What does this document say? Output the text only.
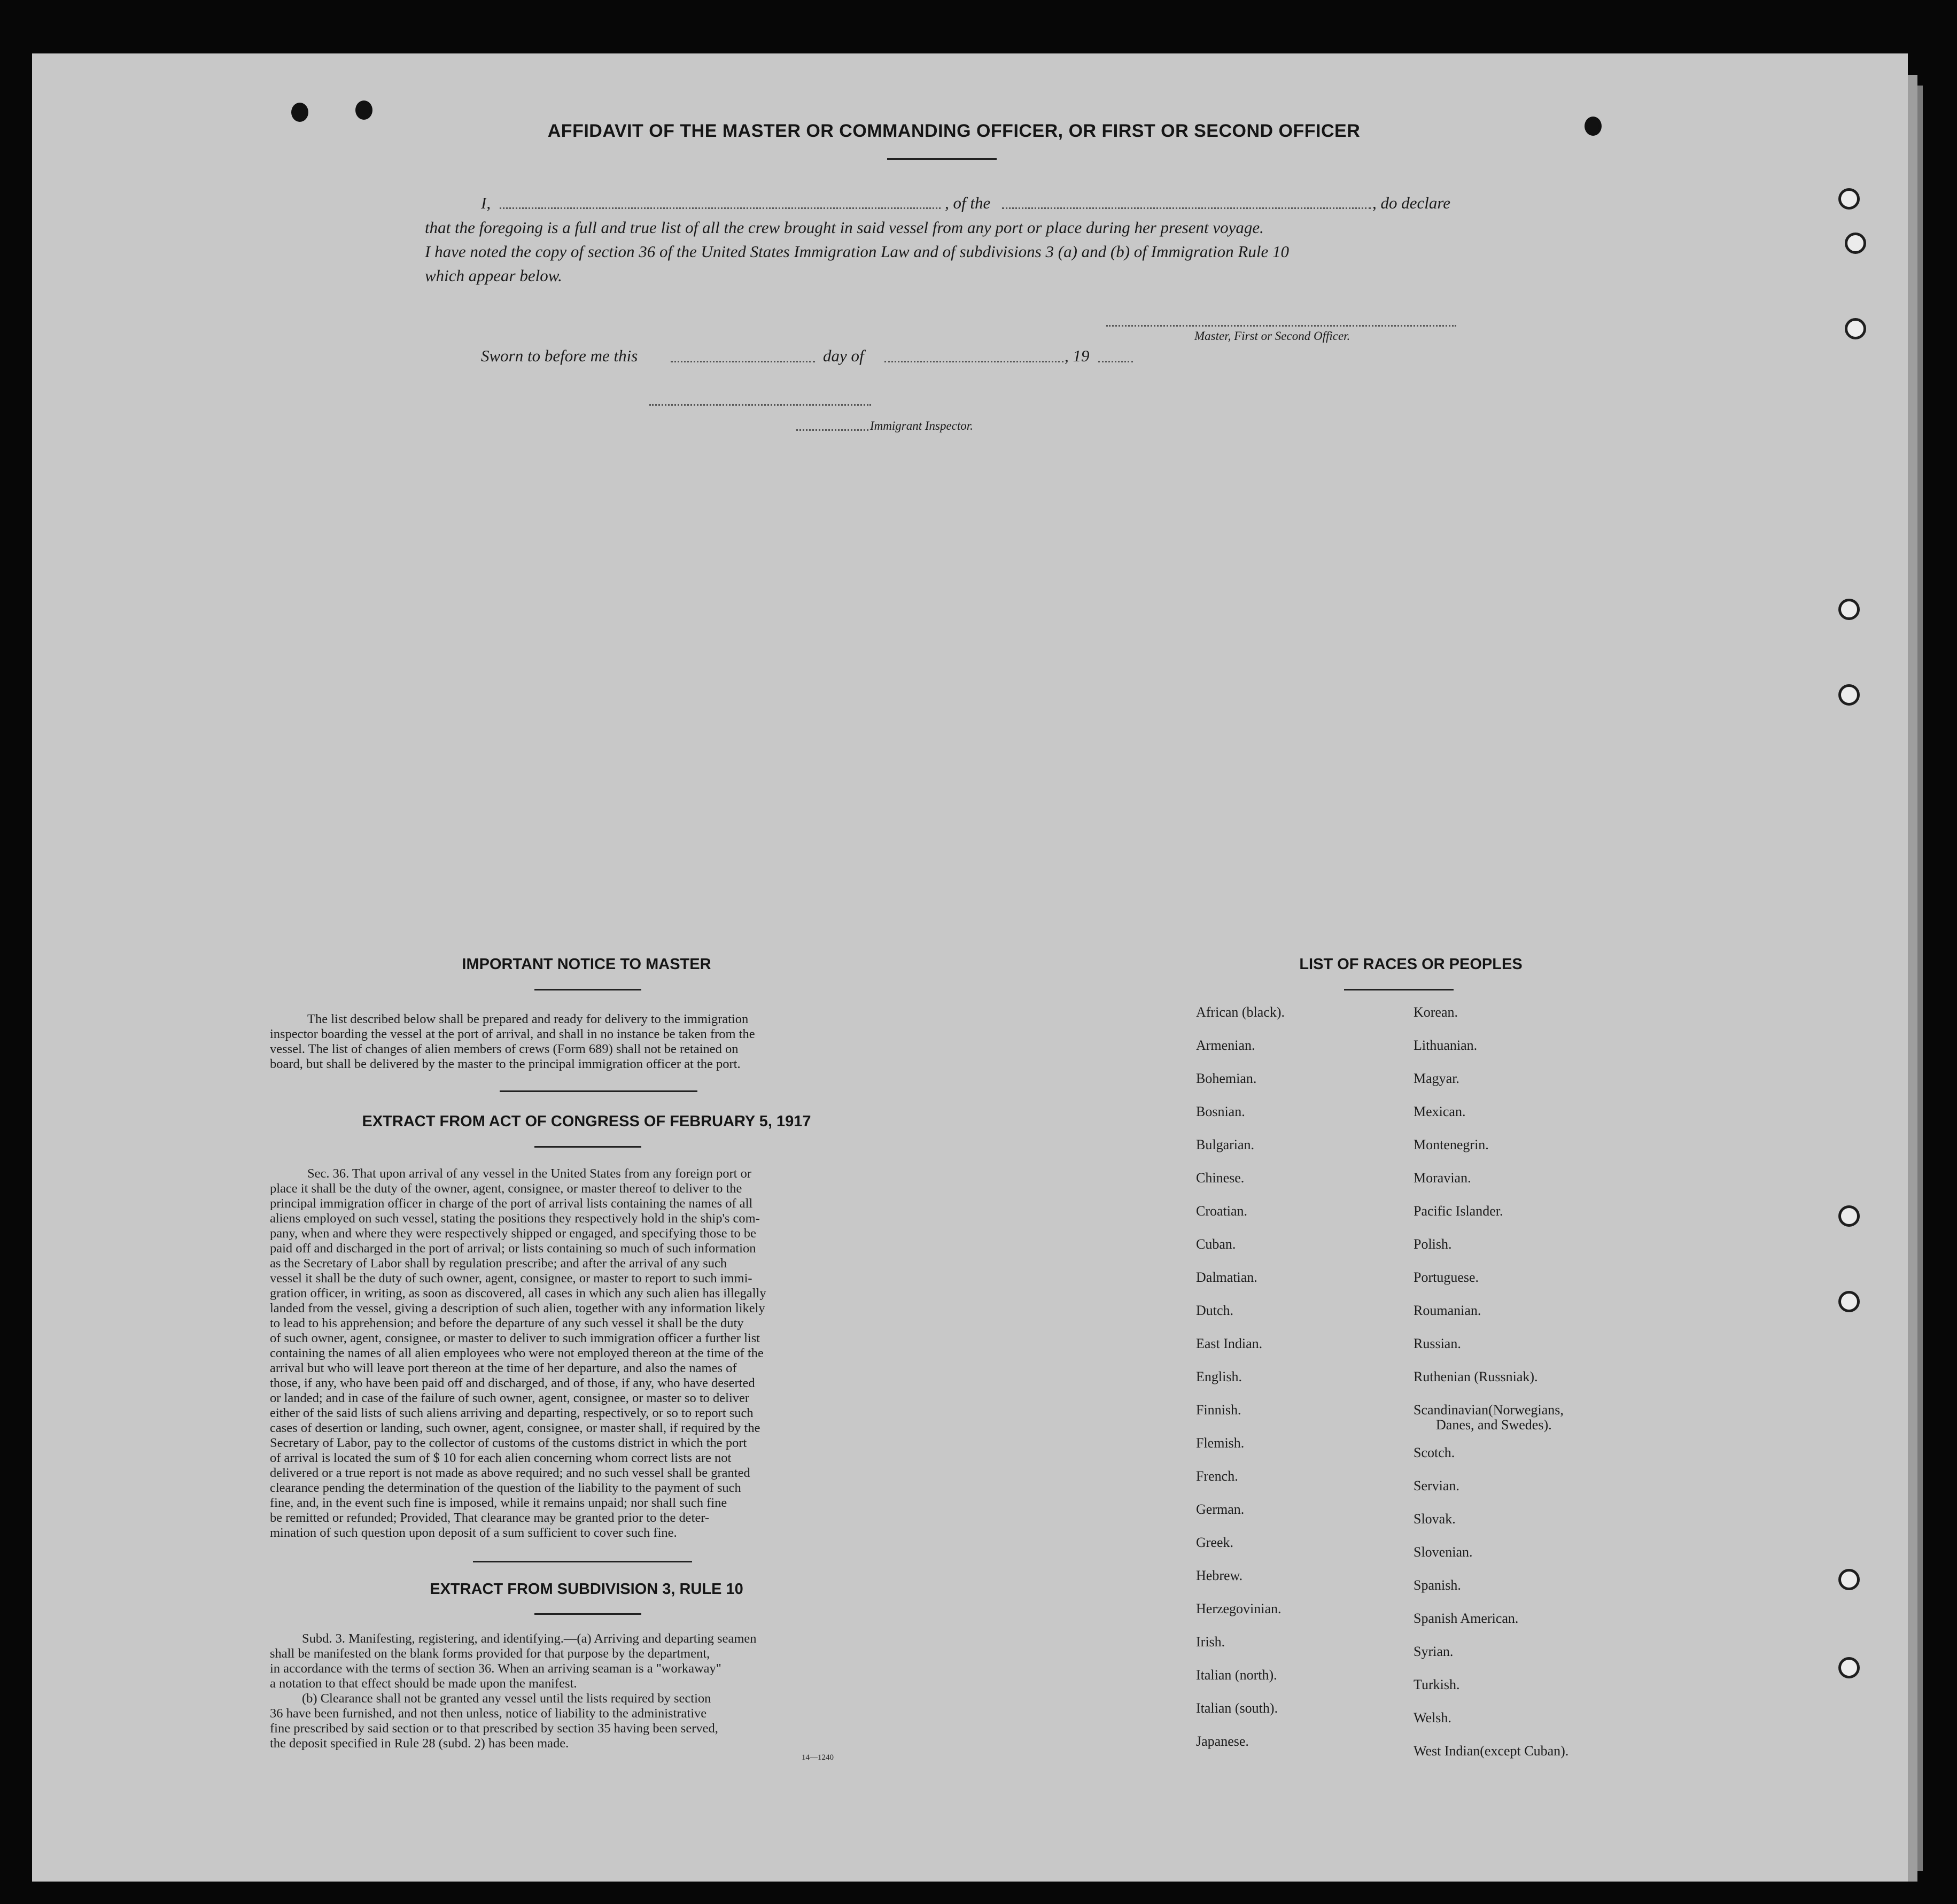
AFFIDAVIT OF THE MASTER OR COMMANDING OFFICER, OR FIRST OR SECOND OFFICER
I,	, of the	, do declare
that the foregoing is a full and true list of all the crew brought in said vessel from any port or place during her present voyage.
I have noted the copy of section 36 of the United States Immigration Law and of subdivisions 3 (a) and (b) of Immigration Rule 10
which appear below.
Master, First or Second Officer.
Sworn to before me this	day of	, 19
Immigrant Inspector.
IMPORTANT NOTICE TO MASTER

The list described below shall be prepared and ready for delivery to the immigration

inspector boarding the vessel at the port of arrival, and shall in no instance be taken from the

vessel. The list of changes of alien members of crews (Form 689) shall not be retained on

board, but shall be delivered by the master to the principal immigration officer at the port.

EXTRACT FROM ACT OF CONGRESS OF FEBRUARY 5, 1917

Sec. 36. That upon arrival of any vessel in the United States from any foreign port or

place it shall be the duty of the owner, agent, consignee, or master thereof to deliver to the

principal immigration officer in charge of the port of arrival lists containing the names of all

aliens employed on such vessel, stating the positions they respectively hold in the ship's com-

pany, when and where they were respectively shipped or engaged, and specifying those to be

paid off and discharged in the port of arrival; or lists containing so much of such information

as the Secretary of Labor shall by regulation prescribe; and after the arrival of any such

vessel it shall be the duty of such owner, agent, consignee, or master to report to such immi-

gration officer, in writing, as soon as discovered, all cases in which any such alien has illegally

landed from the vessel, giving a description of such alien, together with any information likely

to lead to his apprehension; and before the departure of any such vessel it shall be the duty

of such owner, agent, consignee, or master to deliver to such immigration officer a further list

containing the names of all alien employees who were not employed thereon at the time of the

arrival but who will leave port thereon at the time of her departure, and also the names of

those, if any, who have been paid off and discharged, and of those, if any, who have deserted

or landed; and in case of the failure of such owner, agent, consignee, or master so to deliver

either of the said lists of such aliens arriving and departing, respectively, or so to report such

cases of desertion or landing, such owner, agent, consignee, or master shall, if required by the

Secretary of Labor, pay to the collector of customs of the customs district in which the port

of arrival is located the sum of $ 10 for each alien concerning whom correct lists are not

delivered or a true report is not made as above required; and no such vessel shall be granted

clearance pending the determination of the question of the liability to the payment of such

fine, and, in the event such fine is imposed, while it remains unpaid; nor shall such fine

be remitted or refunded; Provided, That clearance may be granted prior to the deter-

mination of such question upon deposit of a sum sufficient to cover such fine.

EXTRACT FROM SUBDIVISION 3, RULE 10

Subd. 3. Manifesting, registering, and identifying.—(a) Arriving and departing seamen

shall be manifested on the blank forms provided for that purpose by the department,

in accordance with the terms of section 36. When an arriving seaman is a "workaway"

a notation to that effect should be made upon the manifest.

(b) Clearance shall not be granted any vessel until the lists required by section

36 have been furnished, and not then unless, notice of liability to the administrative

fine prescribed by said section or to that prescribed by section 35 having been served,

the deposit specified in Rule 28 (subd. 2) has been made.

14—1240
LIST OF RACES OR PEOPLES
African (black).
Armenian.
Bohemian.
Bosnian.
Bulgarian.
Chinese.
Croatian.
Cuban.
Dalmatian.
Dutch.
East Indian.
English.
Finnish.
Flemish.
French.
German.
Greek.
Hebrew.
Herzegovinian.
Irish.
Italian (north).
Italian (south).
Japanese.
Korean.
Lithuanian.
Magyar.
Mexican.
Montenegrin.
Moravian.
Pacific Islander.
Polish.
Portuguese.
Roumanian.
Russian.
Ruthenian (Russniak).
Scandinavian(Norwegians,
Danes, and Swedes).
Scotch.
Servian.
Slovak.
Slovenian.
Spanish.
Spanish American.
Syrian.
Turkish.
Welsh.
West Indian(except Cuban).
